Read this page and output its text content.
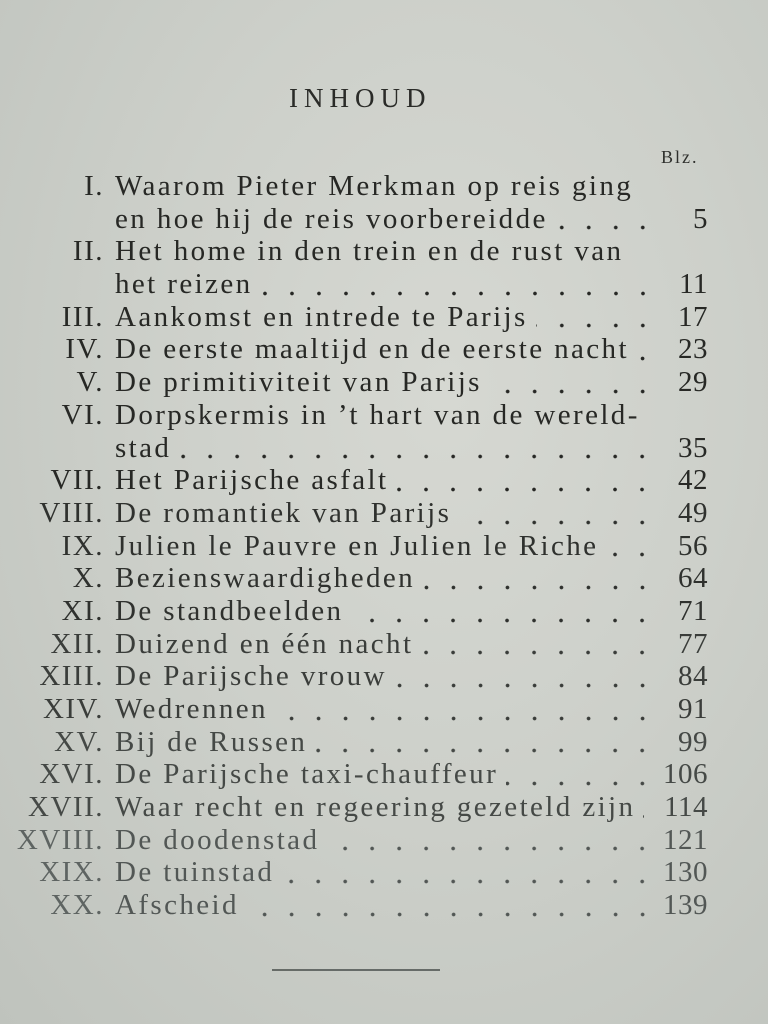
INHOUD
Blz.
I. Waarom Pieter Merkman op reis ging
en hoe hij de reis voorbereidde	5
II. Het home in den trein en de rust van
het reizen	11
III. Aankomst en intrede te Parijs	17
IV. De eerste maaltijd en de eerste nacht	23
V. De primitiviteit van Parijs	29
VI. Dorpskermis in ’t hart van de wereld-
stad	35
VII. Het Parijsche asfalt	42
VIII. De romantiek van Parijs	49
IX. Julien le Pauvre en Julien le Riche	56
X. Bezienswaardigheden	64
XI. De standbeelden	71
XII. Duizend en één nacht	77
XIII. De Parijsche vrouw	84
XIV. Wedrennen	91
XV. Bij de Russen	99
XVI. De Parijsche taxi-chauffeur	106
XVII. Waar recht en regeering gezeteld zijn 114
XVIII. De doodenstad	121
XIX. De tuinstad	130
XX. Afscheid	139
